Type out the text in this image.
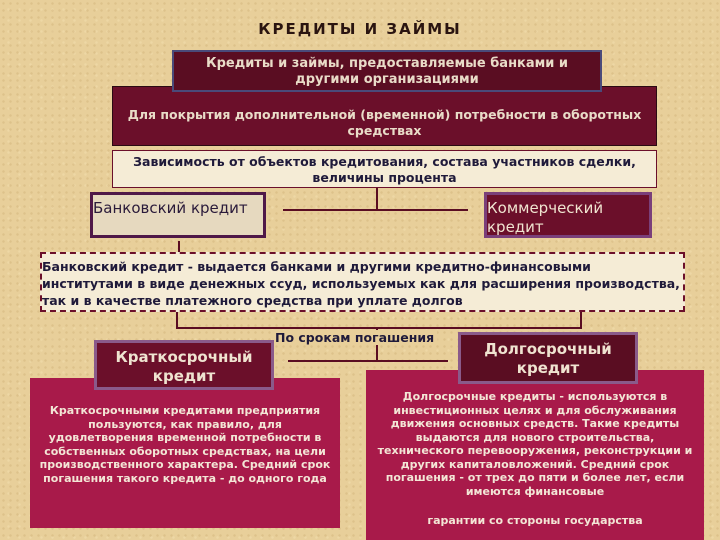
КРЕДИТЫ И ЗАЙМЫ
Для покрытия дополнительной (временной) потребности в оборотных средствах
Кредиты и займы, предоставляемые банками и другими организациями
Зависимость от объектов кредитования, состава участников сделки, величины процента
Банковский кредит	Коммерческий кредит
Банковский кредит - выдается банками и другими кредитно-финансовыми институтами в виде денежных ссуд, используемых как для расширения производства, так и в качестве платежного средства при уплате долгов
По срокам погашения
Краткосрочными кредитами предприятия пользуются, как правило, для удовлетворения временной потребности в собственных оборотных средствах, на цели производственного характера. Средний срок погашения такого кредита - до одного года
Долгосрочные кредиты - используются в инвестиционных целях и для обслуживания движения основных средств. Такие кредиты выдаются для нового строительства, технического перевооружения, реконструкции и других капиталовложений. Средний срок погашения - от трех до пяти и более лет, если имеются финансовые
гарантии со стороны государства
Краткосрочный кредит
Долгосрочный кредит
